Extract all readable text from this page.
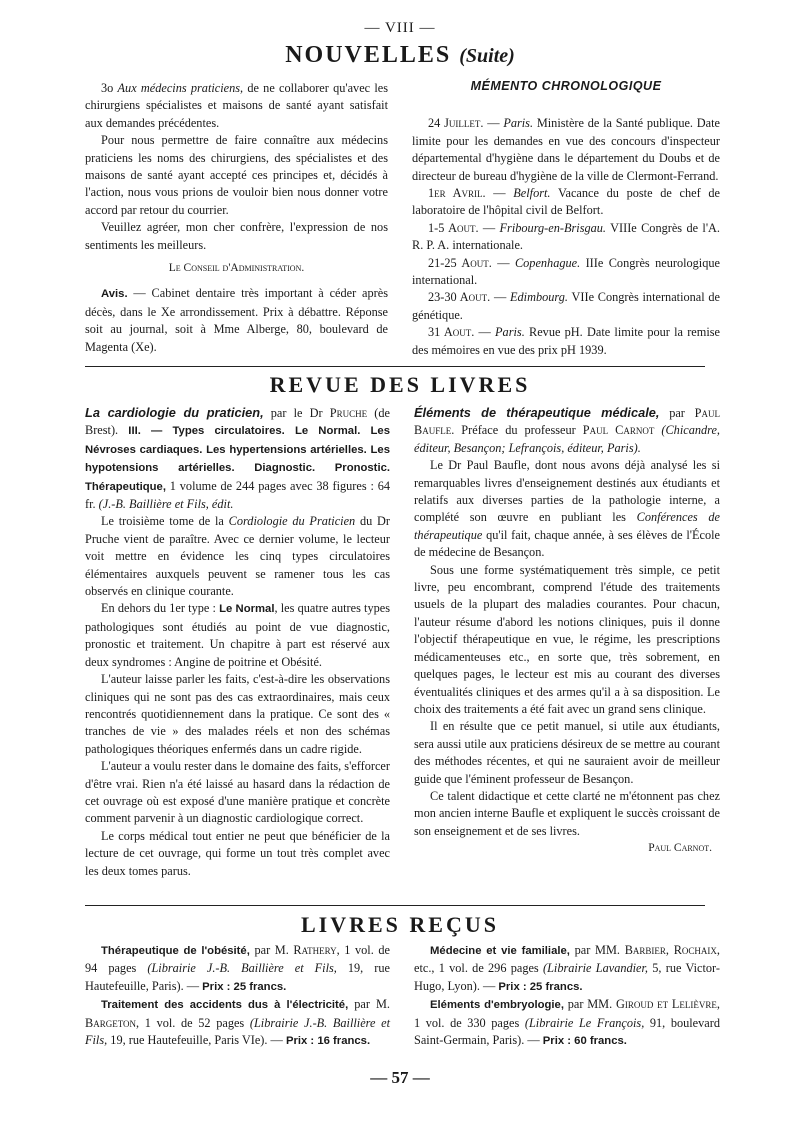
— VIII —
NOUVELLES (Suite)

3o Aux médecins praticiens, de ne collaborer qu'avec les chirurgiens spécialistes et maisons de santé ayant satisfait aux demandes précédentes.

Pour nous permettre de faire connaître aux médecins praticiens les noms des chirurgiens, des spécialistes et des maisons de santé ayant accepté ces principes et, décidés à l'action, nous vous prions de vouloir bien nous donner votre accord par retour du courrier.

Veuillez agréer, mon cher confrère, l'expression de nos sentiments les meilleurs.

Le Conseil d'Administration.

Avis. — Cabinet dentaire très important à céder après décès, dans le Xe arrondissement. Prix à débattre. Réponse soit au journal, soit à Mme Alberge, 80, boulevard de Magenta (Xe).

MÉMENTO CHRONOLOGIQUE

24 Juillet. — Paris. Ministère de la Santé publique. Date limite pour les demandes en vue des concours d'inspecteur départemental d'hygiène dans le département du Doubs et de directeur de bureau d'hygiène de la ville de Clermont-Ferrand.

1er Avril. — Belfort. Vacance du poste de chef de laboratoire de l'hôpital civil de Belfort.

1-5 Aout. — Fribourg-en-Brisgau. VIIIe Congrès de l'A. R. P. A. internationale.

21-25 Aout. — Copenhague. IIIe Congrès neurologique international.

23-30 Aout. — Edimbourg. VIIe Congrès international de génétique.

31 Aout. — Paris. Revue pH. Date limite pour la remise des mémoires en vue des prix pH 1939.

REVUE DES LIVRES

La cardiologie du praticien, par le Dr Pruche (de Brest). III. — Types circulatoires. Le Normal. Les Névroses cardiaques. Les hypertensions artérielles. Les hypotensions artérielles. Diagnostic. Pronostic. Thérapeutique, 1 volume de 244 pages avec 38 figures : 64 fr. (J.-B. Baillière et Fils, édit.

Le troisième tome de la Cordiologie du Praticien du Dr Pruche vient de paraître. Avec ce dernier volume, le lecteur voit mettre en évidence les cinq types circulatoires élémentaires auxquels peuvent se ramener tous les cas observés en clinique courante.

En dehors du 1er type : Le Normal, les quatre autres types pathologiques sont étudiés au point de vue diagnostic, pronostic et traitement. Un chapitre à part est réservé aux deux syndromes : Angine de poitrine et Obésité.

L'auteur laisse parler les faits, c'est-à-dire les observations cliniques qui ne sont pas des cas extraordinaires, mais ceux rencontrés quotidiennement dans la pratique. Ce sont des « tranches de vie » des malades réels et non des schémas pathologiques théoriques enfermés dans un cadre rigide.

L'auteur a voulu rester dans le domaine des faits, s'efforcer d'être vrai. Rien n'a été laissé au hasard dans la rédaction de cet ouvrage où est exposé d'une manière pratique et concrète comment parvenir à un diagnostic cardiologique correct.

Le corps médical tout entier ne peut que bénéficier de la lecture de cet ouvrage, qui forme un tout très complet avec les deux tomes parus.

Éléments de thérapeutique médicale, par Paul Baufle. Préface du professeur Paul Carnot (Chicandre, éditeur, Besançon; Lefrançois, éditeur, Paris).

Le Dr Paul Baufle, dont nous avons déjà analysé les si remarquables livres d'enseignement destinés aux étudiants et relatifs aux diverses parties de la pathologie interne, a complété son œuvre en publiant les Conférences de thérapeutique qu'il fait, chaque année, à ses élèves de l'École de médecine de Besançon.

Sous une forme systématiquement très simple, ce petit livre, peu encombrant, comprend l'étude des traitements usuels de la plupart des maladies courantes. Pour chacun, l'auteur résume d'abord les notions cliniques, puis il donne l'objectif thérapeutique en vue, le régime, les prescriptions médicamenteuses etc., en sorte que, très sobrement, en quelques pages, le lecteur est mis au courant des diverses éventualités cliniques et des armes qu'il a à sa disposition. Le choix des traitements a été fait avec un grand sens clinique.

Il en résulte que ce petit manuel, si utile aux étudiants, sera aussi utile aux praticiens désireux de se mettre au courant des méthodes récentes, et qui ne sauraient avoir de meilleur guide que l'éminent professeur de Besançon.

Ce talent didactique et cette clarté ne m'étonnent pas chez mon ancien interne Baufle et expliquent le succès croissant de son enseignement et de ses livres.

Paul Carnot.

LIVRES REÇUS

Thérapeutique de l'obésité, par M. Rathery, 1 vol. de 94 pages (Librairie J.-B. Baillière et Fils, 19, rue Hautefeuille, Paris). — Prix : 25 francs.

Traitement des accidents dus à l'électricité, par M. Bargeton, 1 vol. de 52 pages (Librairie J.-B. Baillière et Fils, 19, rue Hautefeuille, Paris VIe). — Prix : 16 francs.

Médecine et vie familiale, par MM. Barbier, Rochaix, etc., 1 vol. de 296 pages (Librairie Lavandier, 5, rue Victor-Hugo, Lyon). — Prix : 25 francs.

Eléments d'embryologie, par MM. Giroud et Lelièvre, 1 vol. de 330 pages (Librairie Le François, 91, boulevard Saint-Germain, Paris). — Prix : 60 francs.

— 57 —
